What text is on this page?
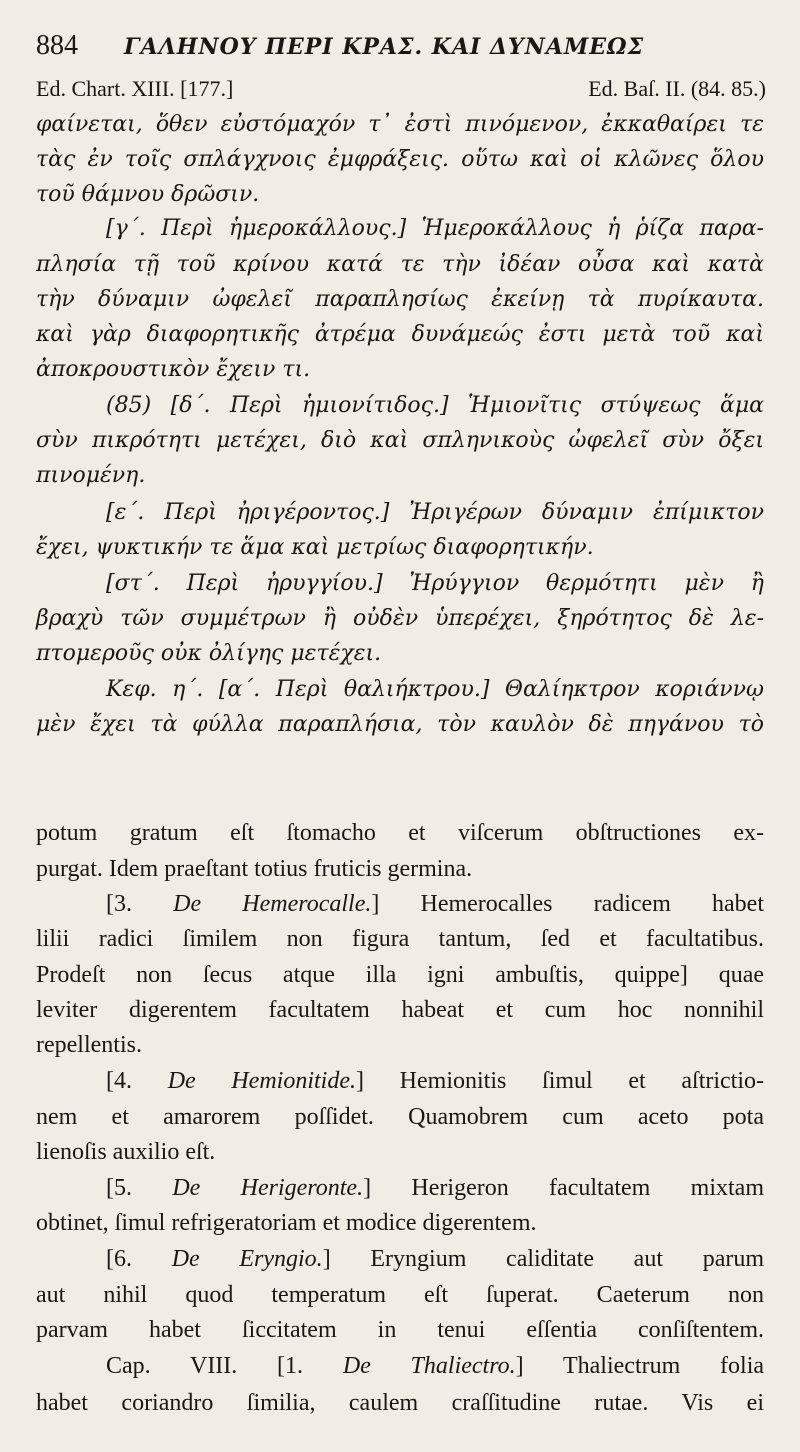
884 ΓΑΛΗΝΟΥ ΠΕΡΙ ΚΡΑΣ. ΚΑΙ ΔΥΝΑΜΕΩΣ
Ed. Chart. XIII. [177.]	Ed. Baſ. II. (84. 85.)
φαίνεται, ὅθεν εὐστόμαχόν τ᾽ ἐστὶ πινόμενον, ἐκκαθαίρει τε
τὰς ἐν τοῖς σπλάγχνοις ἐμφράξεις. οὕτω καὶ οἱ κλῶνες ὅλου
τοῦ θάμνου δρῶσιν.
[γ΄. Περὶ ἡμεροκάλλους.] Ἡμεροκάλλους ἡ ῥίζα παρα-
πλησία τῇ τοῦ κρίνου κατά τε τὴν ἰδέαν οὖσα καὶ κατὰ
τὴν δύναμιν ὠφελεῖ παραπλησίως ἐκείνῃ τὰ πυρίκαυτα.
καὶ γὰρ διαφορητικῆς ἀτρέμα δυνάμεώς ἐστι μετὰ τοῦ καὶ
ἀποκρουστικὸν ἔχειν τι.
(85) [δ΄. Περὶ ἡμιονίτιδος.] Ἡμιονῖτις στύψεως ἅμα
σὺν πικρότητι μετέχει, διὸ καὶ σπληνικοὺς ὠφελεῖ σὺν ὄξει
πινομένη.
[ε΄. Περὶ ἠριγέροντος.] Ἠριγέρων δύναμιν ἐπίμικτον
ἔχει, ψυκτικήν τε ἅμα καὶ μετρίως διαφορητικήν.
[στ΄. Περὶ ἠρυγγίου.] Ἠρύγγιον θερμότητι μὲν ἢ
βραχὺ τῶν συμμέτρων ἢ οὐδὲν ὑπερέχει, ξηρότητος δὲ λε-
πτομεροῦς οὐκ ὀλίγης μετέχει.
Κεφ. η΄. [α΄. Περὶ θαλιήκτρου.] Θαλίηκτρον κοριάννῳ
μὲν ἔχει τὰ φύλλα παραπλήσια, τὸν καυλὸν δὲ πηγάνου τὸ
potum gratum eſt ſtomacho et viſcerum obſtructiones ex-
purgat. Idem praeſtant totius fruticis germina.
[3. De Hemerocalle.] Hemerocalles radicem habet
lilii radici ſimilem non figura tantum, ſed et facultatibus.
Prodeſt non ſecus atque illa igni ambuſtis, quippe] quae
leviter digerentem facultatem habeat et cum hoc nonnihil
repellentis.
[4. De Hemionitide.] Hemionitis ſimul et aſtrictio-
nem et amarorem poſſidet. Quamobrem cum aceto pota
lienoſis auxilio eſt.
[5. De Herigeronte.] Herigeron facultatem mixtam
obtinet, ſimul refrigeratoriam et modice digerentem.
[6. De Eryngio.] Eryngium caliditate aut parum
aut nihil quod temperatum eſt ſuperat. Caeterum non
parvam habet ſiccitatem in tenui eſſentia conſiſtentem.
Cap. VIII. [1. De Thaliectro.] Thaliectrum folia
habet coriandro ſimilia, caulem craſſitudine rutae. Vis ei
